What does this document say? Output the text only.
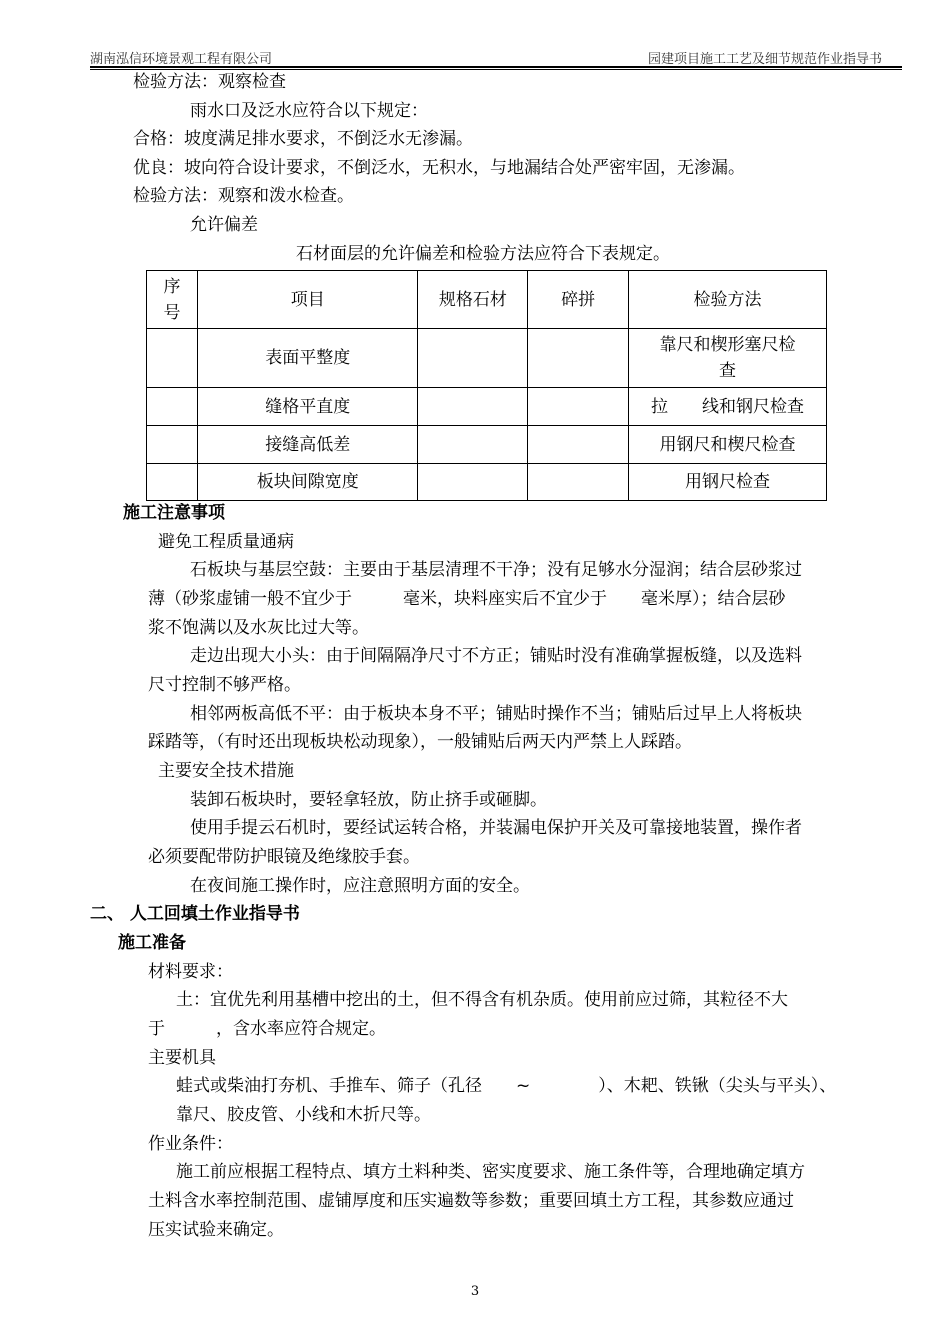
湖南泓信环境景观工程有限公司	园建项目施工工艺及细节规范作业指导书
检验方法：观察检查
雨水口及泛水应符合以下规定：
合格：坡度满足排水要求，不倒泛水无渗漏。
优良：坡向符合设计要求，不倒泛水，无积水，与地漏结合处严密牢固，无渗漏。
检验方法：观察和泼水检查。
允许偏差
石材面层的允许偏差和检验方法应符合下表规定。
序号	项目	规格石材	碎拼	检验方法
	表面平整度			靠尺和楔形塞尺检查

	缝格平直度			拉　　线和钢尺检查
	接缝高低差			用钢尺和楔尺检查
	板块间隙宽度			用钢尺检查
施工注意事项
避免工程质量通病
石板块与基层空鼓：主要由于基层清理不干净；没有足够水分湿润；结合层砂浆过
薄（砂浆虚铺一般不宜少于　　　毫米，块料座实后不宜少于　　毫米厚）；结合层砂
浆不饱满以及水灰比过大等。
走边出现大小头：由于间隔隔净尺寸不方正；铺贴时没有准确掌握板缝，以及选料
尺寸控制不够严格。
相邻两板高低不平：由于板块本身不平；铺贴时操作不当；铺贴后过早上人将板块
踩踏等，（有时还出现板块松动现象），一般铺贴后两天内严禁上人踩踏。
主要安全技术措施
装卸石板块时，要轻拿轻放，防止挤手或砸脚。
使用手提云石机时，要经试运转合格，并装漏电保护开关及可靠接地装置，操作者
必须要配带防护眼镜及绝缘胶手套。
在夜间施工操作时，应注意照明方面的安全。
二、 人工回填土作业指导书
施工准备
材料要求：
土：宜优先利用基槽中挖出的土，但不得含有机杂质。使用前应过筛，其粒径不大
于　　　，含水率应符合规定。
主要机具
蛙式或柴油打夯机、手推车、筛子（孔径　　~　　　　）、木耙、铁锹（尖头与平头）、
靠尺、胶皮管、小线和木折尺等。
作业条件：
施工前应根据工程特点、填方土料种类、密实度要求、施工条件等，合理地确定填方
土料含水率控制范围、虚铺厚度和压实遍数等参数；重要回填土方工程，其参数应通过
压实试验来确定。
3
